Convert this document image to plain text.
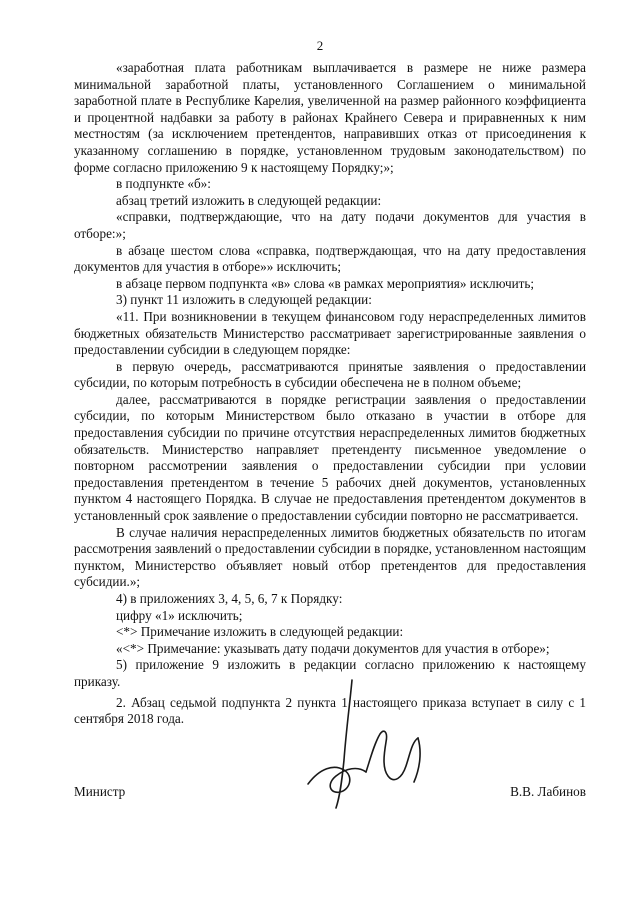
2

«заработная плата работникам выплачивается в размере не ниже размера минимальной заработной платы, установленного Соглашением о минимальной заработной плате в Республике Карелия, увеличенной на размер районного коэффициента и процентной надбавки за работу в районах Крайнего Севера и приравненных к ним местностям (за исключением претендентов, направивших отказ от присоединения к указанному соглашению в порядке, установленном трудовым законодательством) по форме согласно приложению 9 к настоящему Порядку;»;

в подпункте «б»:

абзац третий изложить в следующей редакции:

«справки, подтверждающие, что на дату подачи документов для участия в отборе:»;

в абзаце шестом слова «справка, подтверждающая, что на дату предоставления документов для участия в отборе»» исключить;

в абзаце первом подпункта «в» слова «в рамках мероприятия» исключить;

3) пункт 11 изложить в следующей редакции:

«11. При возникновении в текущем финансовом году нераспределенных лимитов бюджетных обязательств Министерство рассматривает зарегистрированные заявления о предоставлении субсидии в следующем порядке:

в первую очередь, рассматриваются принятые заявления о предоставлении субсидии, по которым потребность в субсидии обеспечена не в полном объеме;

далее, рассматриваются в порядке регистрации заявления о предоставлении субсидии, по которым Министерством было отказано в участии в отборе для предоставления субсидии по причине отсутствия нераспределенных лимитов бюджетных обязательств. Министерство направляет претенденту письменное уведомление о повторном рассмотрении заявления о предоставлении субсидии при условии предоставления претендентом в течение 5 рабочих дней документов, установленных пунктом 4 настоящего Порядка. В случае не предоставления претендентом документов в установленный срок заявление о предоставлении субсидии повторно не рассматривается.

В случае наличия нераспределенных лимитов бюджетных обязательств по итогам рассмотрения заявлений о предоставлении субсидии в порядке, установленном настоящим пунктом, Министерство объявляет новый отбор претендентов для предоставления субсидии.»;

4) в приложениях 3, 4, 5, 6, 7 к Порядку:

цифру «1» исключить;

<*> Примечание изложить в следующей редакции:

«<*> Примечание: указывать дату подачи документов для участия в отборе»;

5) приложение 9 изложить в редакции согласно приложению к настоящему приказу.

2. Абзац седьмой подпункта 2 пункта 1 настоящего приказа вступает в силу с 1 сентября 2018 года.

Министр	В.В. Лабинов
